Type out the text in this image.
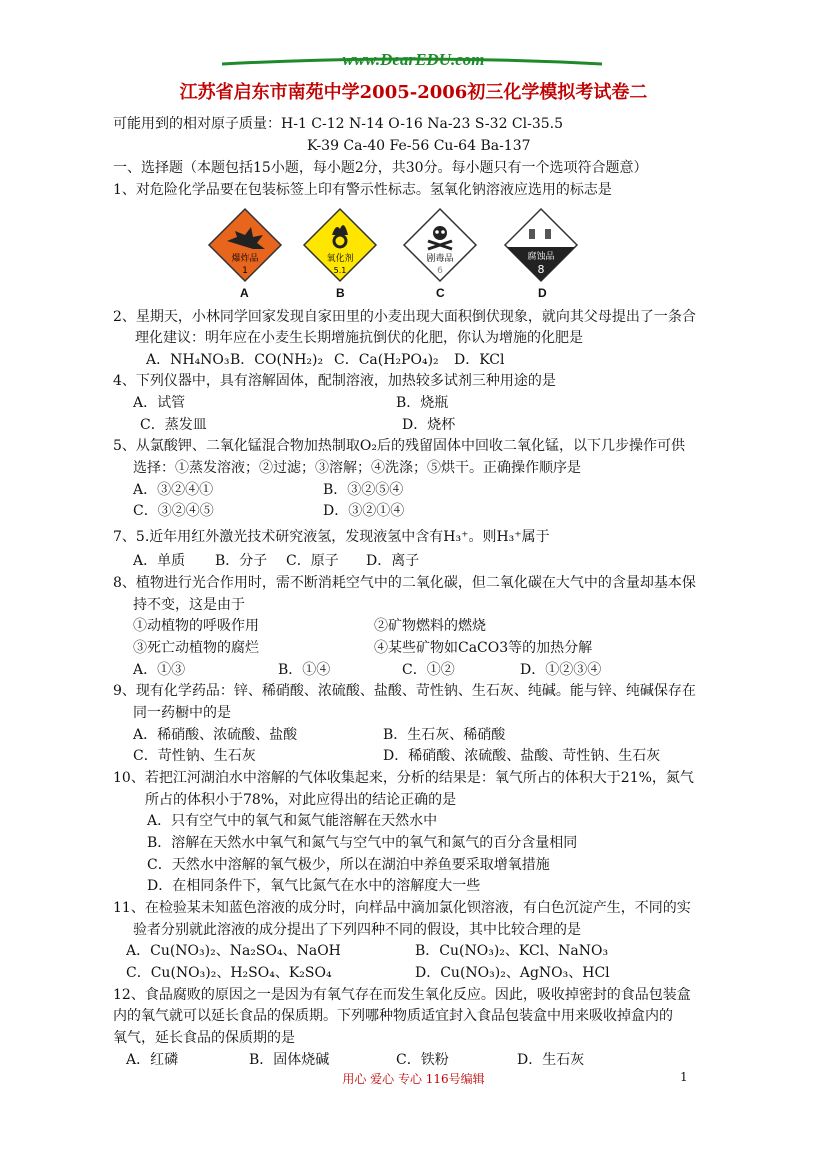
www.DearEDU.com
江苏省启东市南苑中学2005-2006初三化学模拟考试卷二
可能用到的相对原子质量：H-1 C-12 N-14 O-16 Na-23 S-32 Cl-35.5
K-39 Ca-40 Fe-56 Cu-64 Ba-137
一、选择题（本题包括15小题，每小题2分，共30分。每小题只有一个选项符合题意）
1、对危险化学品要在包装标签上印有警示性标志。氢氧化钠溶液应选用的标志是
爆炸品
1
氧化剂
5.1
剧毒品
6
腐蚀品
8
A	B	C	D
2、星期天，小林同学回家发现自家田里的小麦出现大面积倒伏现象，就向其父母提出了一条合
理化建议：明年应在小麦生长期增施抗倒伏的化肥，你认为增施的化肥是
A．NH₄NO₃ B．CO(NH₂)₂ C．Ca(H₂PO₄)₂ D．KCl
4、下列仪器中，具有溶解固体，配制溶液，加热较多试剂三种用途的是
A．试管	B．烧瓶
C．蒸发皿	D．烧杯
5、从氯酸钾、二氧化锰混合物加热制取O₂后的残留固体中回收二氧化锰，以下几步操作可供
选择：①蒸发溶液；②过滤；③溶解；④洗涤；⑤烘干。正确操作顺序是
A．③②④①	B．③②⑤④
C．③②④⑤	D．③②①④
7、5.近年用红外激光技术研究液氢，发现液氢中含有H₃⁺。则H₃⁺属于
A．单质 B．分子 C．原子 D．离子
8、植物进行光合作用时，需不断消耗空气中的二氧化碳，但二氧化碳在大气中的含量却基本保
持不变，这是由于
①动植物的呼吸作用	②矿物燃料的燃烧
③死亡动植物的腐烂	④某些矿物如CaCO3等的加热分解
A．①③	B．①④	C．①②	D．①②③④
9、现有化学药品：锌、稀硝酸、浓硫酸、盐酸、苛性钠、生石灰、纯碱。能与锌、纯碱保存在
同一药橱中的是
A．稀硝酸、浓硫酸、盐酸	B．生石灰、稀硝酸
C．苛性钠、生石灰	D．稀硝酸、浓硫酸、盐酸、苛性钠、生石灰
10、若把江河湖泊水中溶解的气体收集起来，分析的结果是：氧气所占的体积大于21%，氮气
所占的体积小于78%，对此应得出的结论正确的是
A．只有空气中的氧气和氮气能溶解在天然水中
B．溶解在天然水中氧气和氮气与空气中的氧气和氮气的百分含量相同
C．天然水中溶解的氧气极少，所以在湖泊中养鱼要采取增氧措施
D．在相同条件下，氧气比氮气在水中的溶解度大一些
11、在检验某未知蓝色溶液的成分时，向样品中滴加氯化钡溶液，有白色沉淀产生，不同的实
验者分别就此溶液的成分提出了下列四种不同的假设，其中比较合理的是
A．Cu(NO₃)₂、Na₂SO₄、NaOH	B．Cu(NO₃)₂、KCl、NaNO₃
C．Cu(NO₃)₂、H₂SO₄、K₂SO₄	D．Cu(NO₃)₂、AgNO₃、HCl
12、食品腐败的原因之一是因为有氧气存在而发生氧化反应。因此，吸收掉密封的食品包装盒
内的氧气就可以延长食品的保质期。下列哪种物质适宜封入食品包装盒中用来吸收掉盒内的
氧气，延长食品的保质期的是
A．红磷	B．固体烧碱	C．铁粉	D．生石灰
用心 爱心 专心 116号编辑	1
